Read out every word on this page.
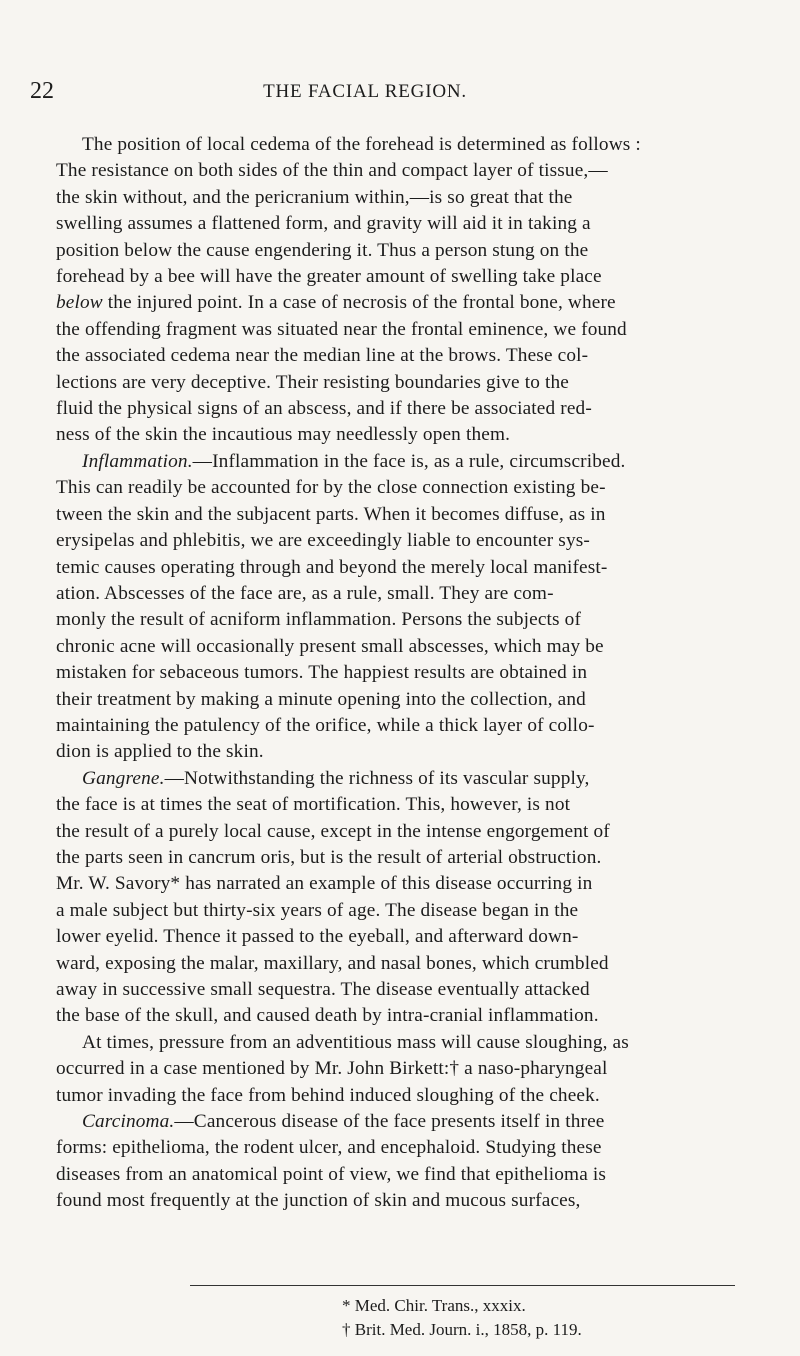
22	THE FACIAL REGION.
The position of local cedema of the forehead is determined as follows :
The resistance on both sides of the thin and compact layer of tissue,—
the skin without, and the pericranium within,—is so great that the
swelling assumes a flattened form, and gravity will aid it in taking a
position below the cause engendering it. Thus a person stung on the
forehead by a bee will have the greater amount of swelling take place
below the injured point. In a case of necrosis of the frontal bone, where
the offending fragment was situated near the frontal eminence, we found
the associated cedema near the median line at the brows. These col-
lections are very deceptive. Their resisting boundaries give to the
fluid the physical signs of an abscess, and if there be associated red-
ness of the skin the incautious may needlessly open them.
Inflammation.—Inflammation in the face is, as a rule, circumscribed.
This can readily be accounted for by the close connection existing be-
tween the skin and the subjacent parts. When it becomes diffuse, as in
erysipelas and phlebitis, we are exceedingly liable to encounter sys-
temic causes operating through and beyond the merely local manifest-
ation. Abscesses of the face are, as a rule, small. They are com-
monly the result of acniform inflammation. Persons the subjects of
chronic acne will occasionally present small abscesses, which may be
mistaken for sebaceous tumors. The happiest results are obtained in
their treatment by making a minute opening into the collection, and
maintaining the patulency of the orifice, while a thick layer of collo-
dion is applied to the skin.
Gangrene.—Notwithstanding the richness of its vascular supply,
the face is at times the seat of mortification. This, however, is not
the result of a purely local cause, except in the intense engorgement of
the parts seen in cancrum oris, but is the result of arterial obstruction.
Mr. W. Savory* has narrated an example of this disease occurring in
a male subject but thirty-six years of age. The disease began in the
lower eyelid. Thence it passed to the eyeball, and afterward down-
ward, exposing the malar, maxillary, and nasal bones, which crumbled
away in successive small sequestra. The disease eventually attacked
the base of the skull, and caused death by intra-cranial inflammation.
At times, pressure from an adventitious mass will cause sloughing, as
occurred in a case mentioned by Mr. John Birkett:† a naso-pharyngeal
tumor invading the face from behind induced sloughing of the cheek.
Carcinoma.—Cancerous disease of the face presents itself in three
forms: epithelioma, the rodent ulcer, and encephaloid. Studying these
diseases from an anatomical point of view, we find that epithelioma is
found most frequently at the junction of skin and mucous surfaces,
* Med. Chir. Trans., xxxix.
† Brit. Med. Journ. i., 1858, p. 119.
